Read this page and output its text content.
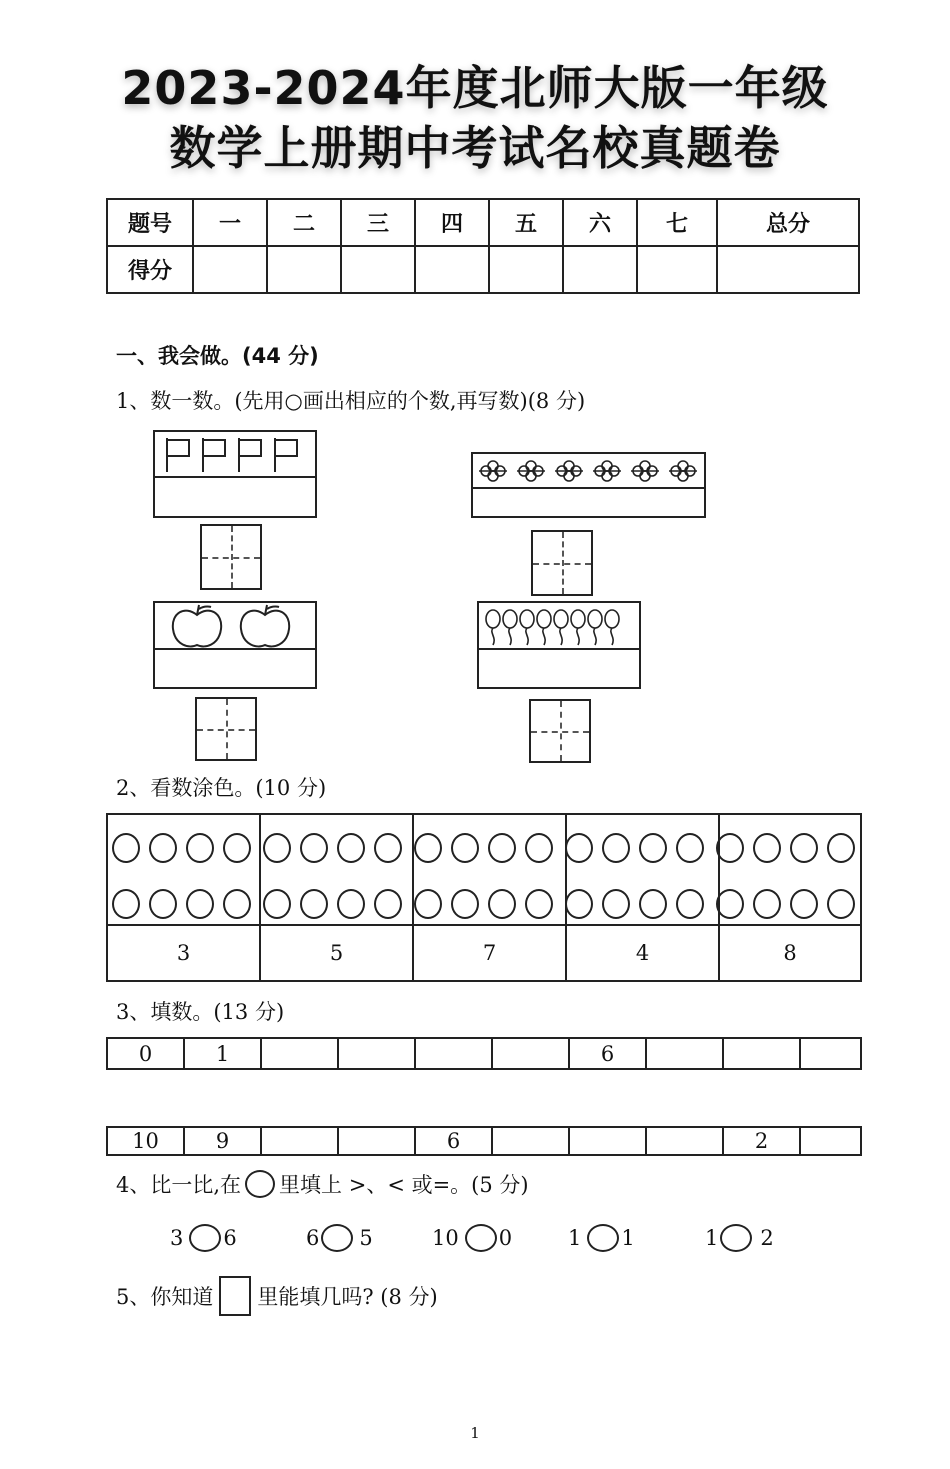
2023-2024年度北师大版一年级
数学上册期中考试名校真题卷
题号	一	二	三	四	五	六	七	总分
得分								
一、我会做。(44 分)
1、数一数。(先用○画出相应的个数,再写数)(8 分)
2、看数涂色。(10 分)

3	5	7	4	8
3、填数。(13 分)
0	1					6			
10	9			6				2	
4、比一比,在 里填上 >、< 或=。(5 分)
3 6	6 5	10 0	1 1	1 2
5、你知道 里能填几吗? (8 分)
1
